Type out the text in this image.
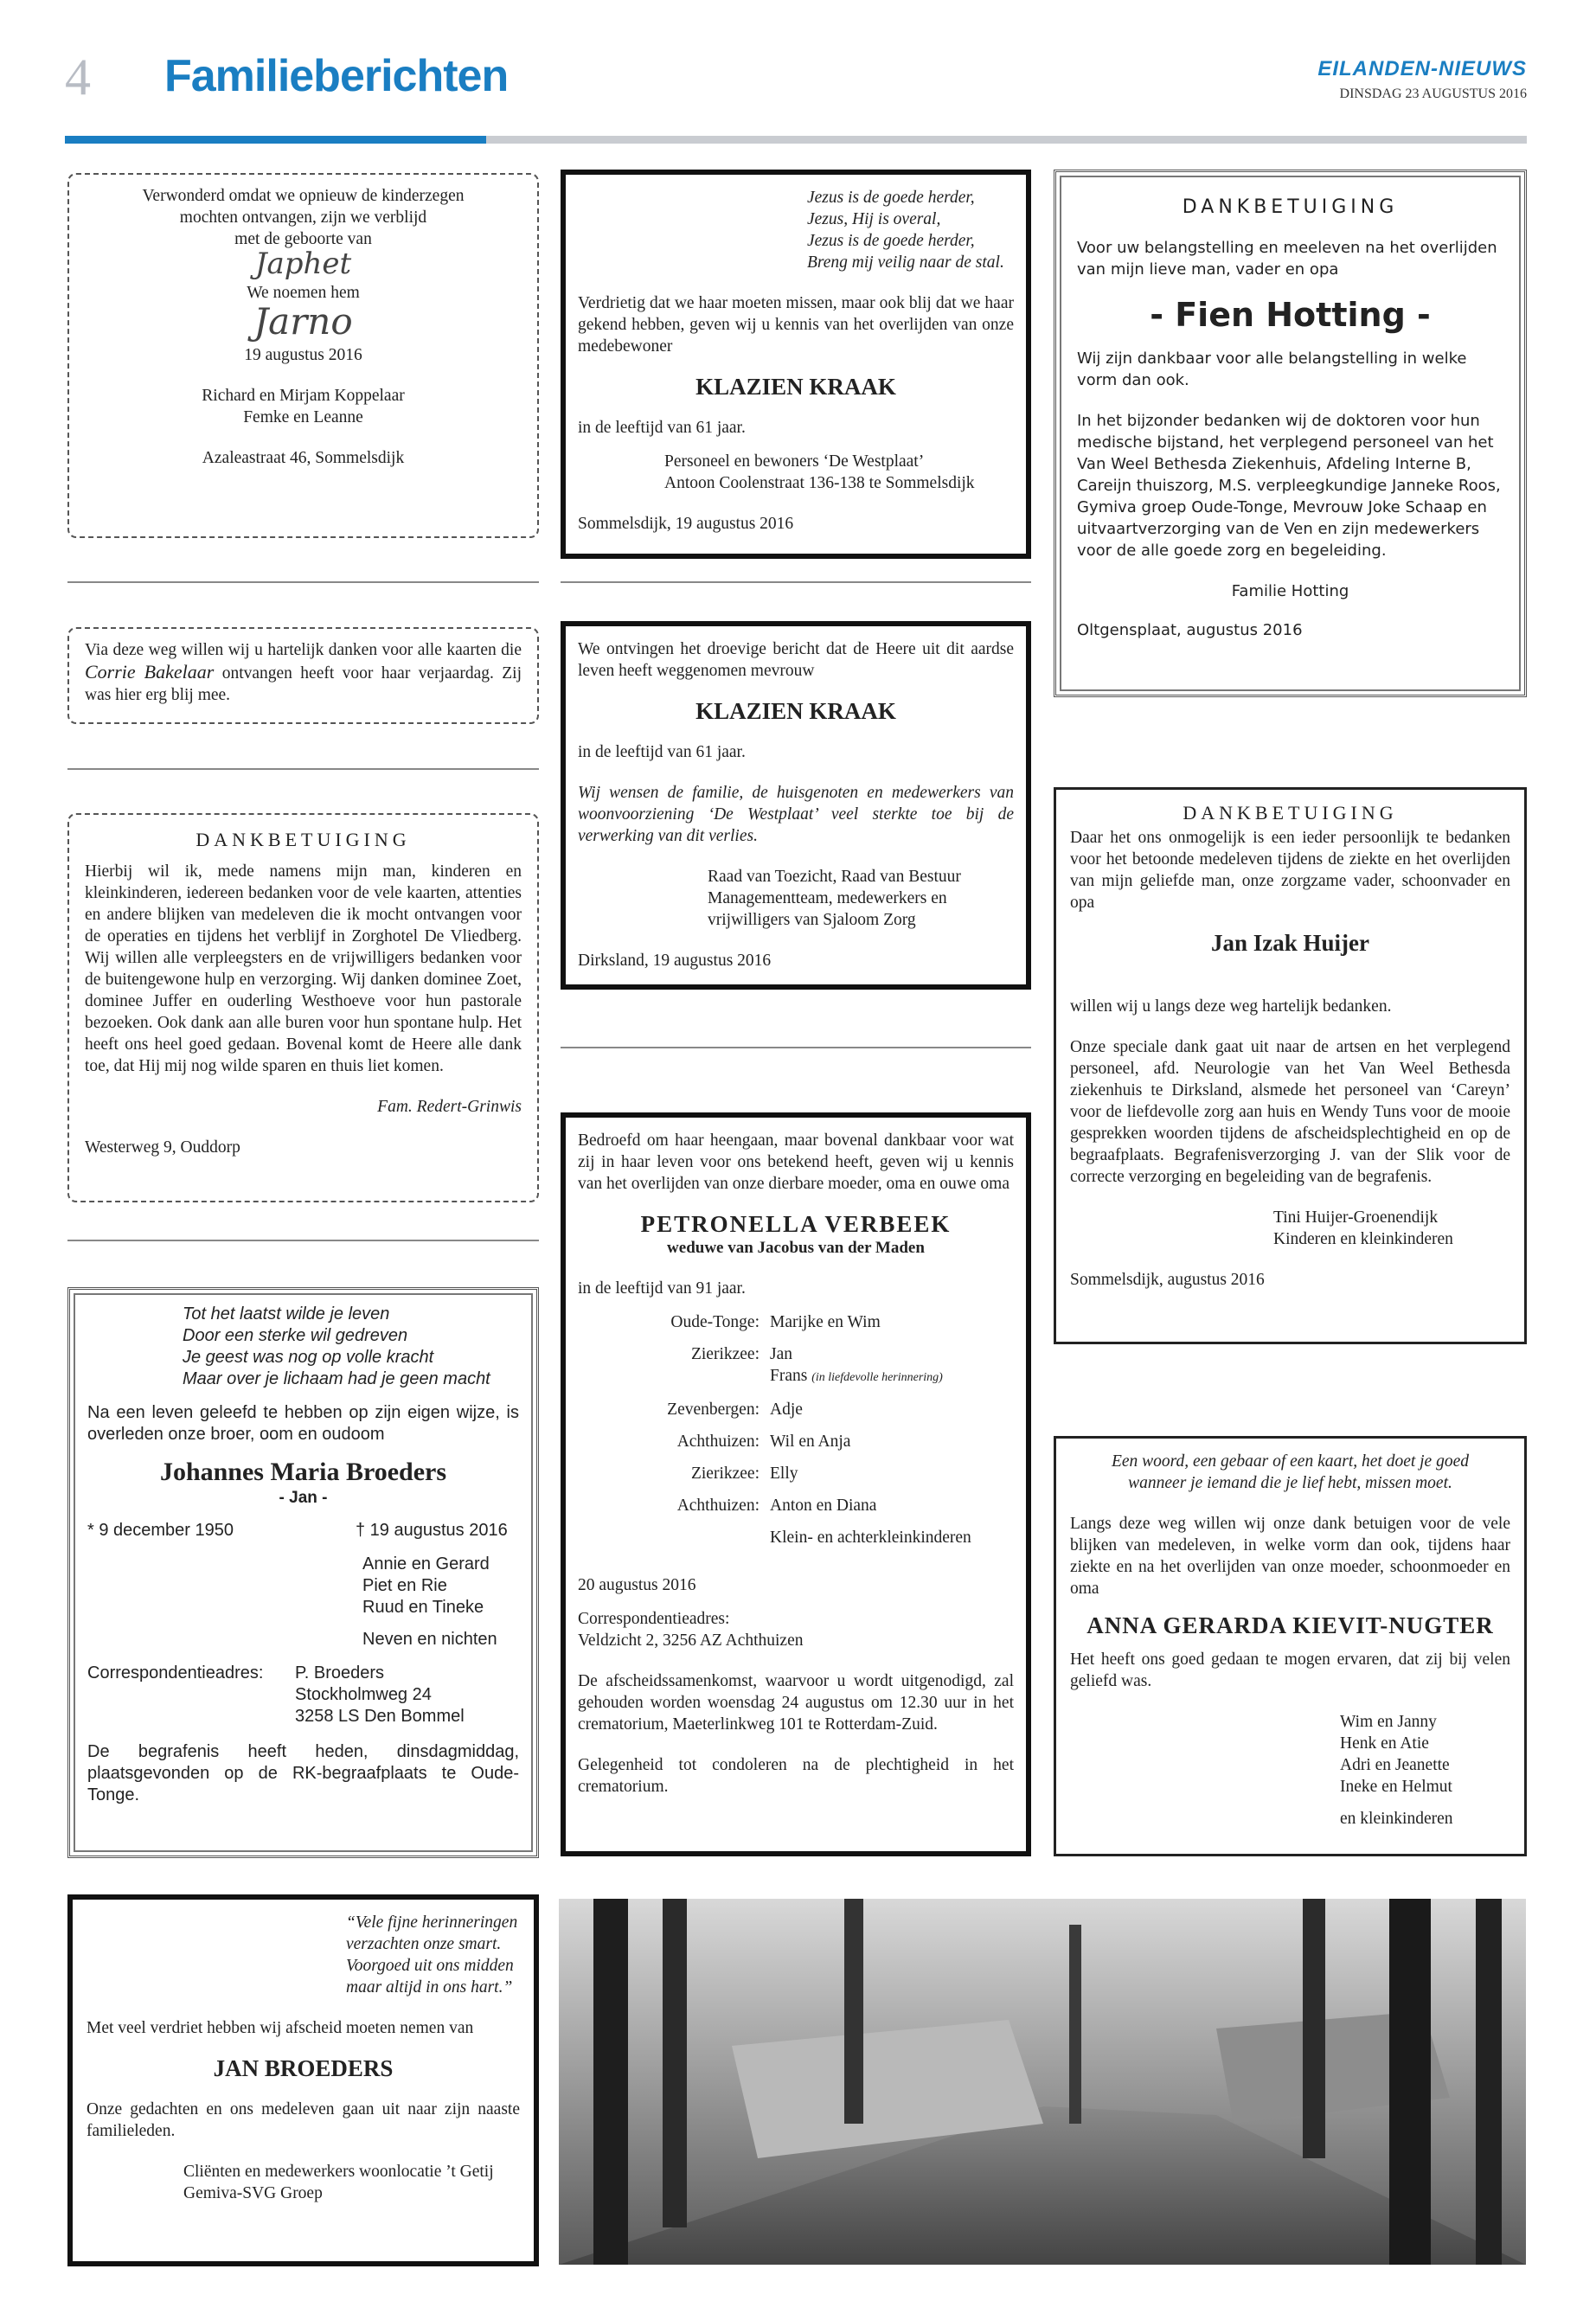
4 Familieberichten	EILANDEN-NIEUWS
DINSDAG 23 AUGUSTUS 2016

Verwonderd omdat we opnieuw de kinderzegen

mochten ontvangen, zijn we verblijd

met de geboorte van

Japhet

We noemen hem

Jarno

19 augustus 2016

Richard en Mirjam Koppelaar

Femke en Leanne

Azaleastraat 46, Sommelsdijk

Via deze weg willen wij u hartelijk danken voor alle kaarten die Corrie Bakelaar ontvangen heeft voor haar verjaardag. Zij was hier erg blij mee.

DANKBETUIGING

Hierbij wil ik, mede namens mijn man, kinderen en kleinkinderen, iedereen bedanken voor de vele kaarten, attenties en andere blijken van medeleven die ik mocht ontvangen voor de operaties en tijdens het verblijf in Zorghotel De Vliedberg. Wij willen alle verpleegsters en de vrijwilligers bedanken voor de buitengewone hulp en verzorging. Wij danken dominee Zoet, dominee Juffer en ouderling Westhoeve voor hun pastorale bezoeken. Ook dank aan alle buren voor hun spontane hulp. Het heeft ons heel goed gedaan. Bovenal komt de Heere alle dank toe, dat Hij mij nog wilde sparen en thuis liet komen.

Fam. Redert-Grinwis

Westerweg 9, Ouddorp

Tot het laatst wilde je leven

Door een sterke wil gedreven

Je geest was nog op volle kracht

Maar over je lichaam had je geen macht

Na een leven geleefd te hebben op zijn eigen wijze, is overleden onze broer, oom en oudoom

Johannes Maria Broeders

- Jan -

* 9 december 1950	† 19 augustus 2016

Annie en Gerard

Piet en Rie

Ruud en Tineke

Neven en nichten

Correspondentieadres: P. Broeders

Stockholmweg 24

3258 LS Den Bommel

De begrafenis heeft heden, dinsdagmiddag, plaatsgevonden op de RK-begraafplaats te Oude-Tonge.

“Vele fijne herinneringen

verzachten onze smart.

Voorgoed uit ons midden

maar altijd in ons hart.”

Met veel verdriet hebben wij afscheid moeten nemen van

JAN BROEDERS

Onze gedachten en ons medeleven gaan uit naar zijn naaste familieleden.

Cliënten en medewerkers woonlocatie ’t Getij

Gemiva-SVG Groep

Jezus is de goede herder,

Jezus, Hij is overal,

Jezus is de goede herder,

Breng mij veilig naar de stal.

Verdrietig dat we haar moeten missen, maar ook blij dat we haar gekend hebben, geven wij u kennis van het overlijden van onze medebewoner

KLAZIEN KRAAK

in de leeftijd van 61 jaar.

Personeel en bewoners ‘De Westplaat’

Antoon Coolenstraat 136-138 te Sommelsdijk

Sommelsdijk, 19 augustus 2016

We ontvingen het droevige bericht dat de Heere uit dit aardse leven heeft weggenomen mevrouw

KLAZIEN KRAAK

in de leeftijd van 61 jaar.

Wij wensen de familie, de huisgenoten en medewerkers van woonvoorziening ‘De Westplaat’ veel sterkte toe bij de verwerking van dit verlies.

Raad van Toezicht, Raad van Bestuur

Managementteam, medewerkers en

vrijwilligers van Sjaloom Zorg

Dirksland, 19 augustus 2016

Bedroefd om haar heengaan, maar bovenal dankbaar voor wat zij in haar leven voor ons betekend heeft, geven wij u kennis van het overlijden van onze dierbare moeder, oma en ouwe oma

PETRONELLA VERBEEK

weduwe van Jacobus van der Maden

in de leeftijd van 91 jaar.

Oude-Tonge:	Marijke en Wim
Zierikzee:	Jan
	Frans (in liefdevolle herinnering)
Zevenbergen:	Adje
Achthuizen:	Wil en Anja
Zierikzee:	Elly
Achthuizen:	Anton en Diana
	Klein- en achterkleinkinderen

20 augustus 2016

Correspondentieadres:

Veldzicht 2, 3256 AZ Achthuizen

De afscheidssamenkomst, waarvoor u wordt uitgenodigd, zal gehouden worden woensdag 24 augustus om 12.30 uur in het crematorium, Maeterlinkweg 101 te Rotterdam-Zuid.

Gelegenheid tot condoleren na de plechtigheid in het crematorium.

DANKBETUIGING

Voor uw belangstelling en meeleven na het overlijden van mijn lieve man, vader en opa

- Fien Hotting -

Wij zijn dankbaar voor alle belangstelling in welke vorm dan ook.

In het bijzonder bedanken wij de doktoren voor hun medische bijstand, het verplegend personeel van het Van Weel Bethesda Ziekenhuis, Afdeling Interne B, Careijn thuiszorg, M.S. verpleegkundige Janneke Roos, Gymiva groep Oude-Tonge, Mevrouw Joke Schaap en uitvaartverzorging van de Ven en zijn medewerkers voor de alle goede zorg en begeleiding.

Familie Hotting

Oltgensplaat, augustus 2016

DANKBETUIGING

Daar het ons onmogelijk is een ieder persoonlijk te bedanken voor het betoonde medeleven tijdens de ziekte en het overlijden van mijn geliefde man, onze zorgzame vader, schoonvader en opa

Jan Izak Huijer

willen wij u langs deze weg hartelijk bedanken.

Onze speciale dank gaat uit naar de artsen en het verplegend personeel, afd. Neurologie van het Van Weel Bethesda ziekenhuis te Dirksland, alsmede het personeel van ‘Careyn’ voor de liefdevolle zorg aan huis en Wendy Tuns voor de mooie gesprekken woorden tijdens de afscheidsplechtigheid en op de begraafplaats. Begrafenisverzorging J. van der Slik voor de correcte verzorging en begeleiding van de begrafenis.

Tini Huijer-Groenendijk

Kinderen en kleinkinderen

Sommelsdijk, augustus 2016

Een woord, een gebaar of een kaart, het doet je goed

wanneer je iemand die je lief hebt, missen moet.

Langs deze weg willen wij onze dank betuigen voor de vele blijken van medeleven, in welke vorm dan ook, tijdens haar ziekte en na het overlijden van onze moeder, schoonmoeder en oma

ANNA GERARDA KIEVIT-NUGTER

Het heeft ons goed gedaan te mogen ervaren, dat zij bij velen geliefd was.

Wim en Janny

Henk en Atie

Adri en Jeanette

Ineke en Helmut

en kleinkinderen
